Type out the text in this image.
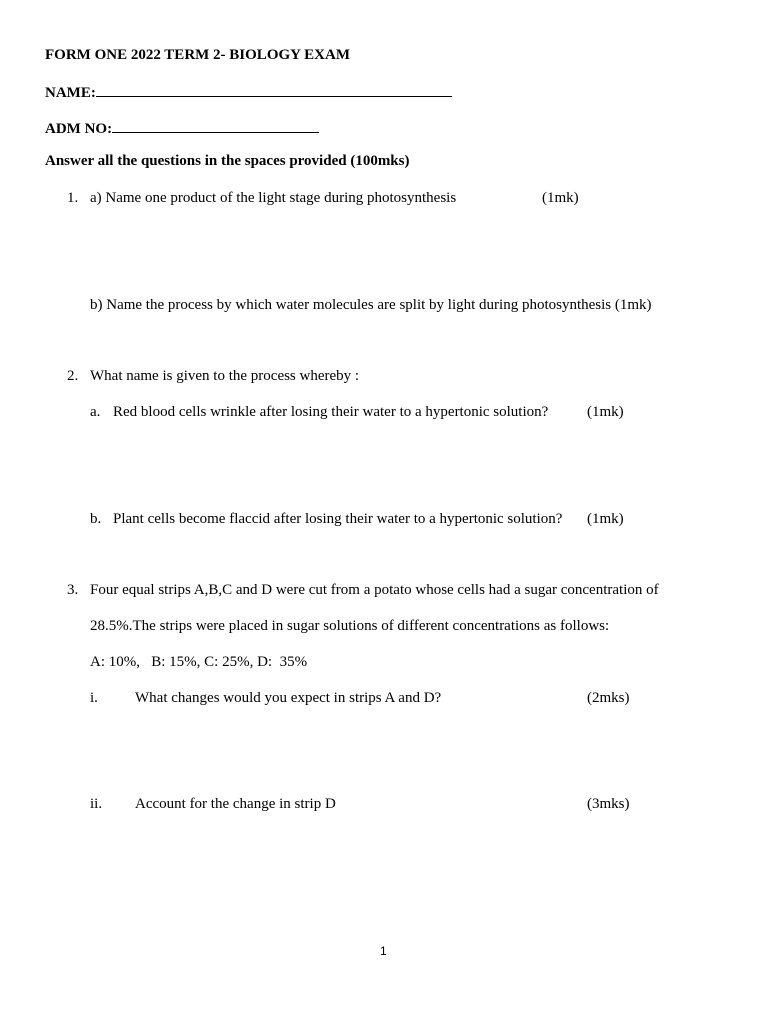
FORM ONE 2022 TERM 2- BIOLOGY EXAM
NAME:
ADM NO:
Answer all the questions in the spaces provided (100mks)
1. a) Name one product of the light stage during photosynthesis	(1mk)
b) Name the process by which water molecules are split by light during photosynthesis (1mk)
2. What name is given to the process whereby :
a. Red blood cells wrinkle after losing their water to a hypertonic solution?	(1mk)
b. Plant cells become flaccid after losing their water to a hypertonic solution? (1mk)
3. Four equal strips A,B,C and D were cut from a potato whose cells had a sugar concentration of
28.5%.The strips were placed in sugar solutions of different concentrations as follows:
A: 10%,   B: 15%, C: 25%, D:  35%
i. What changes would you expect in strips A and D?	(2mks)
ii. Account for the change in strip D	(3mks)
1
